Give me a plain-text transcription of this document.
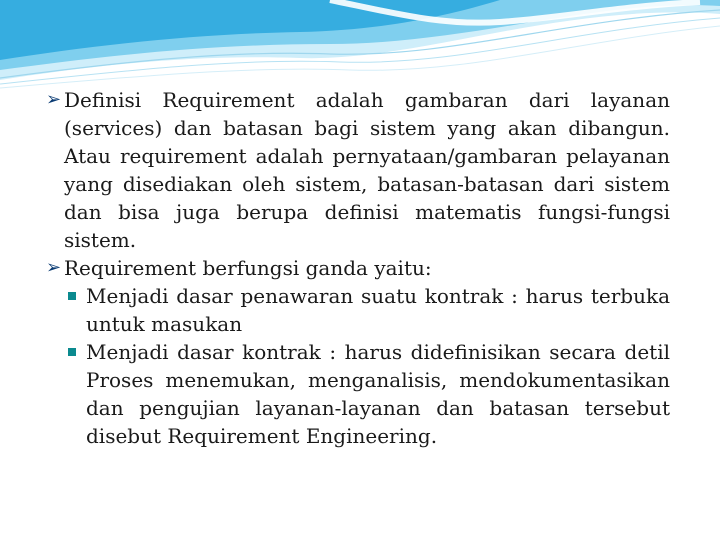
➢ Definisi Requirement adalah gambaran dari layanan (services) dan batasan bagi sistem yang akan dibangun. Atau requirement adalah pernyataan/gambaran pelayanan yang disediakan oleh sistem, batasan-batasan dari sistem dan bisa juga berupa definisi matematis fungsi-fungsi sistem.
➢ Requirement berfungsi ganda yaitu:
Menjadi dasar penawaran suatu kontrak : harus terbuka untuk masukan
Menjadi dasar kontrak : harus didefinisikan secara detil Proses menemukan, menganalisis, mendokumentasikan dan pengujian layanan-layanan dan batasan tersebut disebut Requirement Engineering.
